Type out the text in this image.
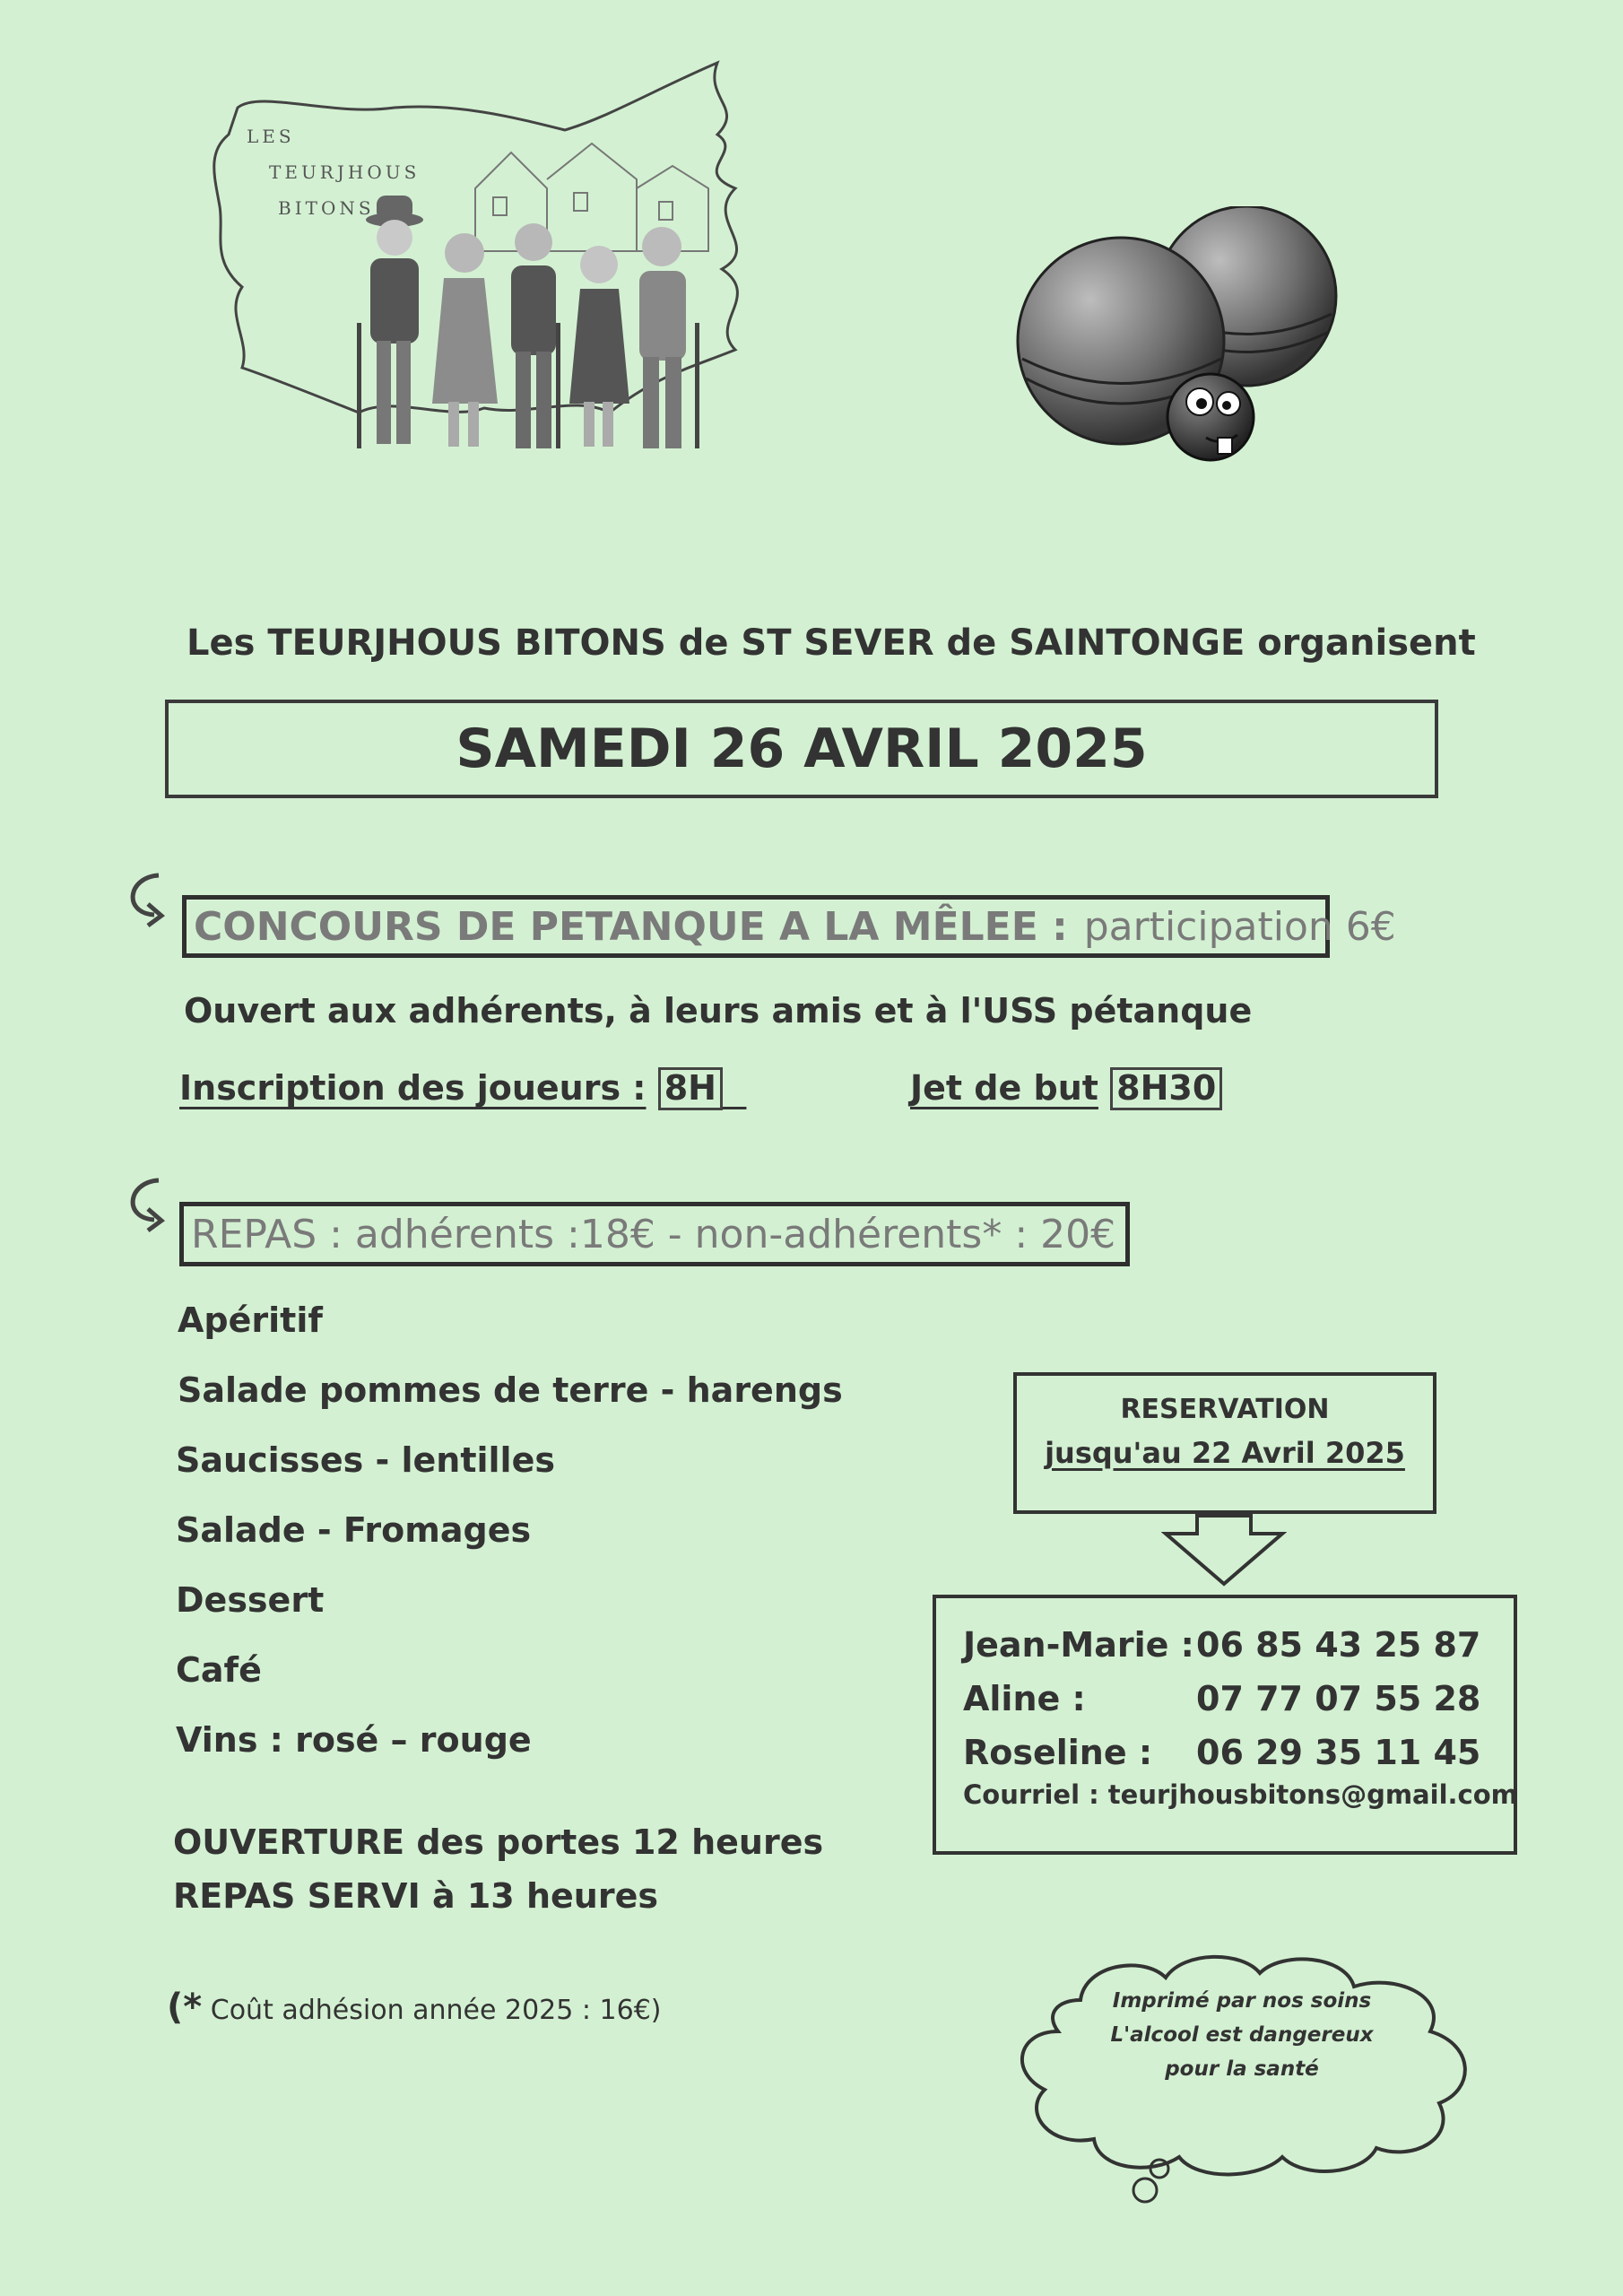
LES
TEURJHOUS
BITONS
Les TEURJHOUS BITONS de ST SEVER de SAINTONGE organisent
SAMEDI 26 AVRIL 2025
CONCOURS DE PETANQUE A LA MÊLEE : participation 6€
Ouvert aux adhérents, à leurs amis et à l'USS pétanque
Inscription des joueurs : 8H	Jet de but 8H30
REPAS : adhérents :18€ - non-adhérents* : 20€
Apéritif
Salade pommes de terre - harengs
Saucisses - lentilles
Salade - Fromages
Dessert
Café
Vins : rosé – rouge
OUVERTURE des portes 12 heures
REPAS SERVI à 13 heures
(* Coût adhésion année 2025 : 16€)
RESERVATION
jusqu'au 22 Avril 2025
Jean-Marie : 06 85 43 25 87
Aline :	07 77 07 55 28
Roseline : 06 29 35 11 45
Courriel : teurjhousbitons@gmail.com
Imprimé par nos soins
L'alcool est dangereux
pour la santé
